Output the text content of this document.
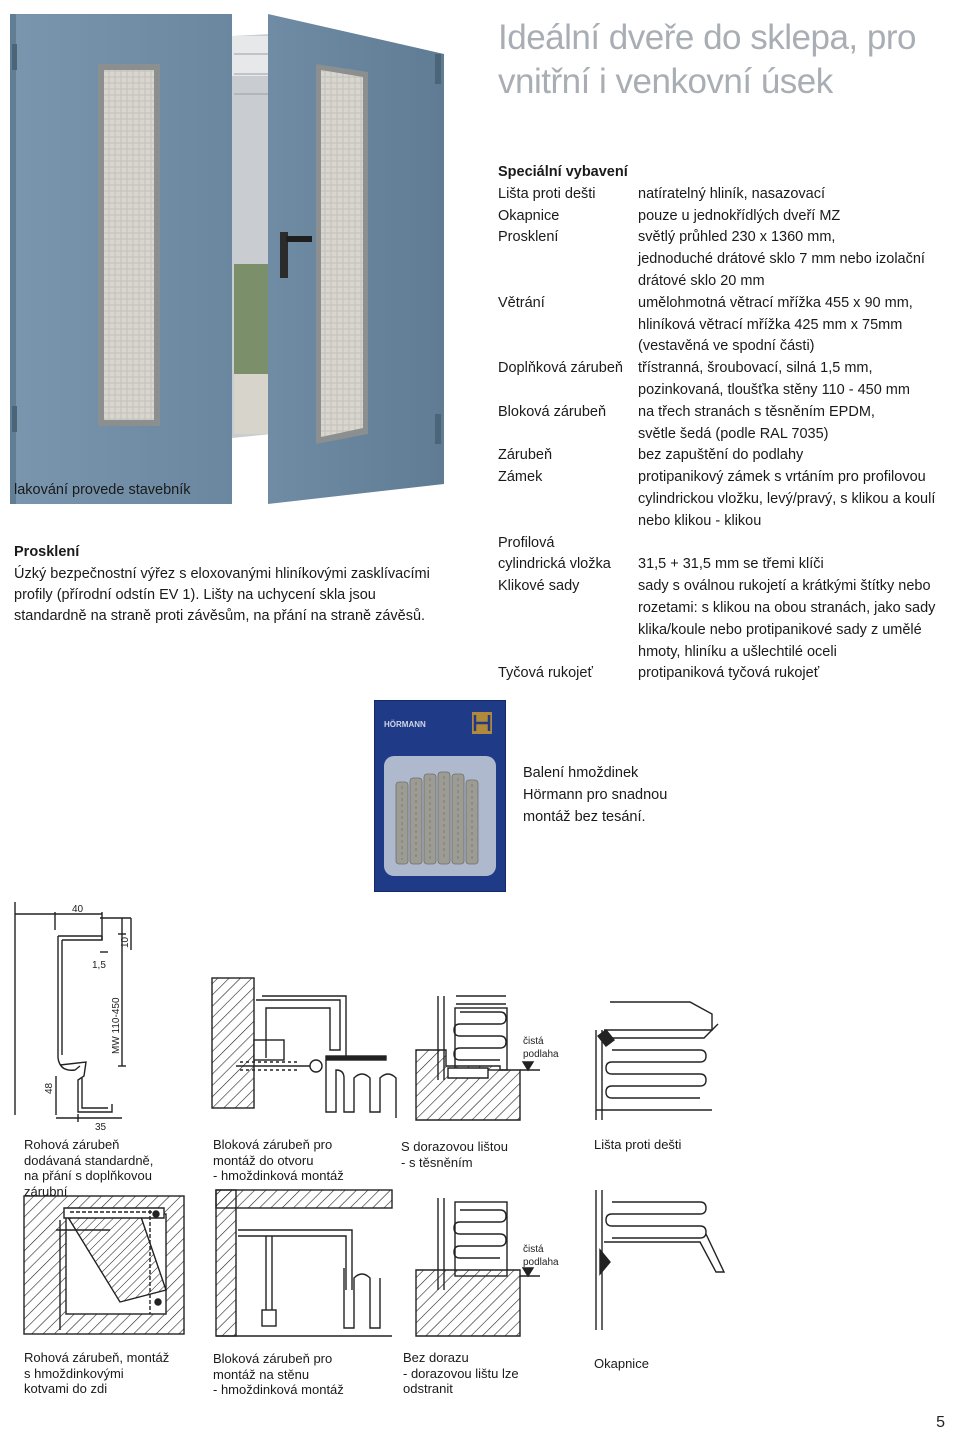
Ideální dveře do sklepa, pro
vnitřní i venkovní úsek
lakování provede stavebník
Prosklení
Úzký bezpečnostní výřez s eloxovanými hliníkovými zasklívacími
profily (přírodní odstín EV 1). Lišty na uchycení skla jsou
standardně na straně proti závěsům, na přání na straně závěsů.
Speciální vybavení
Lišta proti dešti	natíratelný hliník, nasazovací
Okapnice	pouze u jednokřídlých dveří MZ
Prosklení	světlý průhled 230 x 1360 mm,
jednoduché drátové sklo 7 mm nebo izolační
drátové sklo 20 mm
Větrání	umělohmotná větrací mřížka 455 x 90 mm,
hliníková větrací mřížka 425 mm x 75mm
(vestavěná ve spodní části)
Doplňková zárubeň	třístranná, šroubovací, silná 1,5 mm,
pozinkovaná, tloušťka stěny 110 - 450 mm
Bloková zárubeň	na třech stranách s těsněním EPDM,
světle šedá (podle RAL 7035)
Zárubeň	bez zapuštění do podlahy
Zámek	protipanikový zámek s vrtáním pro profilovou
cylindrickou vložku, levý/pravý, s klikou a koulí
nebo klikou - klikou
Profilová
cylindrická vložka	31,5 + 31,5 mm se třemi klíči
Klikové sady	sady s oválnou rukojetí a krátkými štítky nebo
rozetami: s klikou na obou stranách, jako sady
klika/koule nebo protipanikové sady z umělé
hmoty, hliníku a ušlechtilé oceli
Tyčová rukojeť	protipaniková tyčová rukojeť
HÖRMANN
Balení hmoždinek
Hörmann pro snadnou
montáž bez tesání.
40
10
1,5
MW 110-450
48
35
čistá
podlaha
čistá
podlaha
Rohová zárubeň
dodávaná standardně,
na přání s doplňkovou
zárubní
Bloková zárubeň pro
montáž do otvoru
- hmoždinková montáž
S dorazovou lištou
- s těsněním
Lišta proti dešti
Rohová zárubeň, montáž
s hmoždinkovými
kotvami do zdi
Bloková zárubeň pro
montáž na stěnu
- hmoždinková montáž
Bez dorazu
- dorazovou lištu lze
odstranit
Okapnice
5
